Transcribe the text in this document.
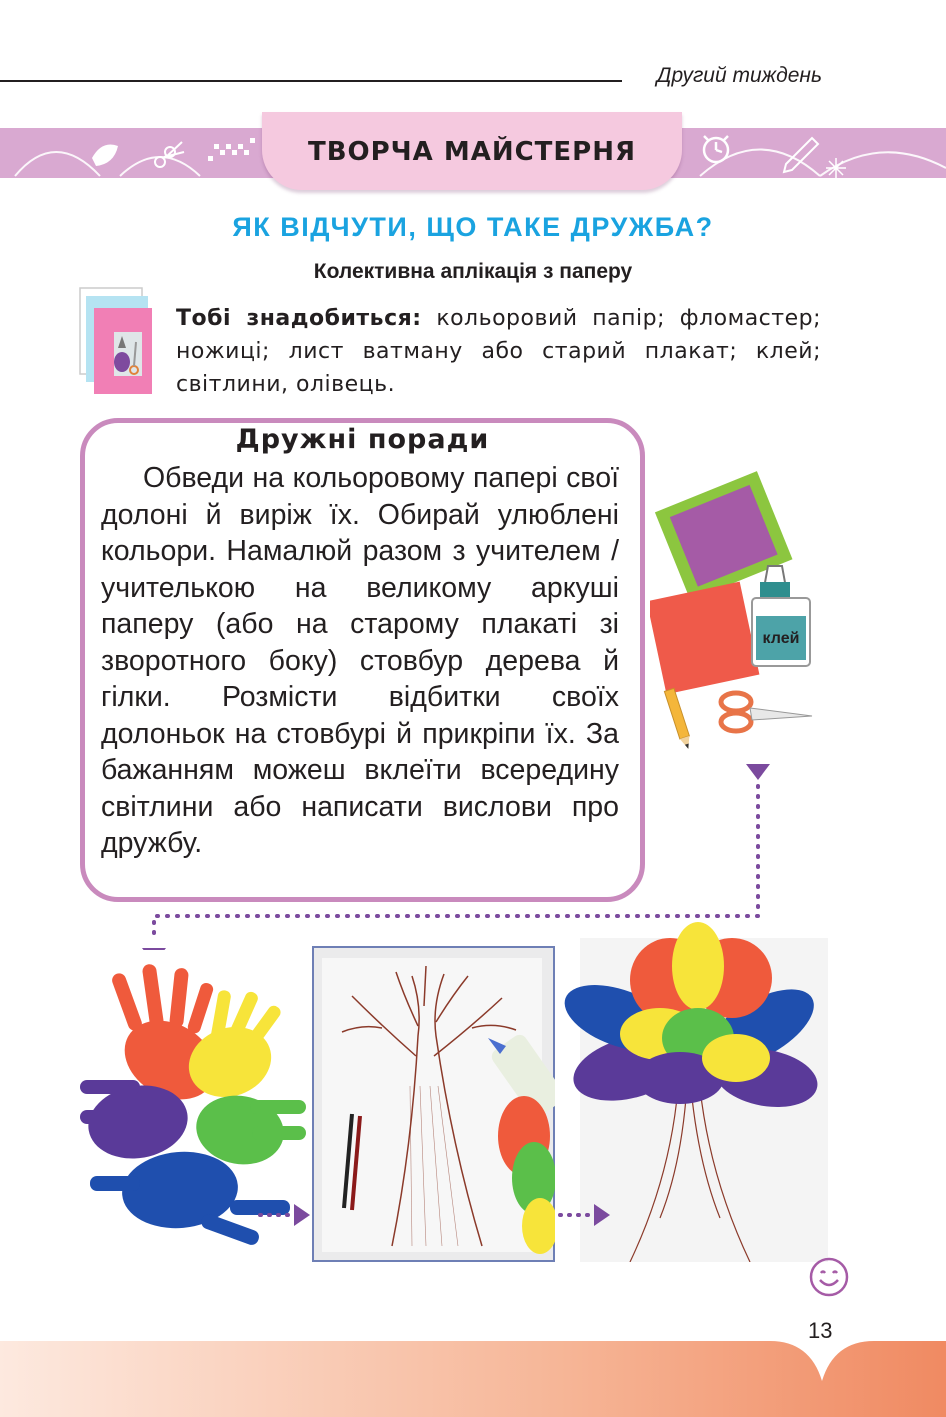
Другий тиждень
ТВОРЧА МАЙСТЕРНЯ
ЯК ВІДЧУТИ, ЩО ТАКЕ ДРУЖБА?
Колективна аплікація з паперу
Тобі знадобиться: кольоровий папір; фломастер; ножиці; лист ватману або старий плакат; клей; світлини, олівець.
Дружні поради
Обведи на кольоровому папері свої долоні й виріж їх. Обирай улюблені кольори. Намалюй разом з учителем / учителькою на великому аркуші паперу (або на старому плакаті зі зворотного боку) стовбур дерева й гілки. Розмісти відбитки своїх долоньок на стовбурі й прикріпи їх. За бажанням можеш вклеїти всередину світлини або написати вислови про дружбу.
клей
13
